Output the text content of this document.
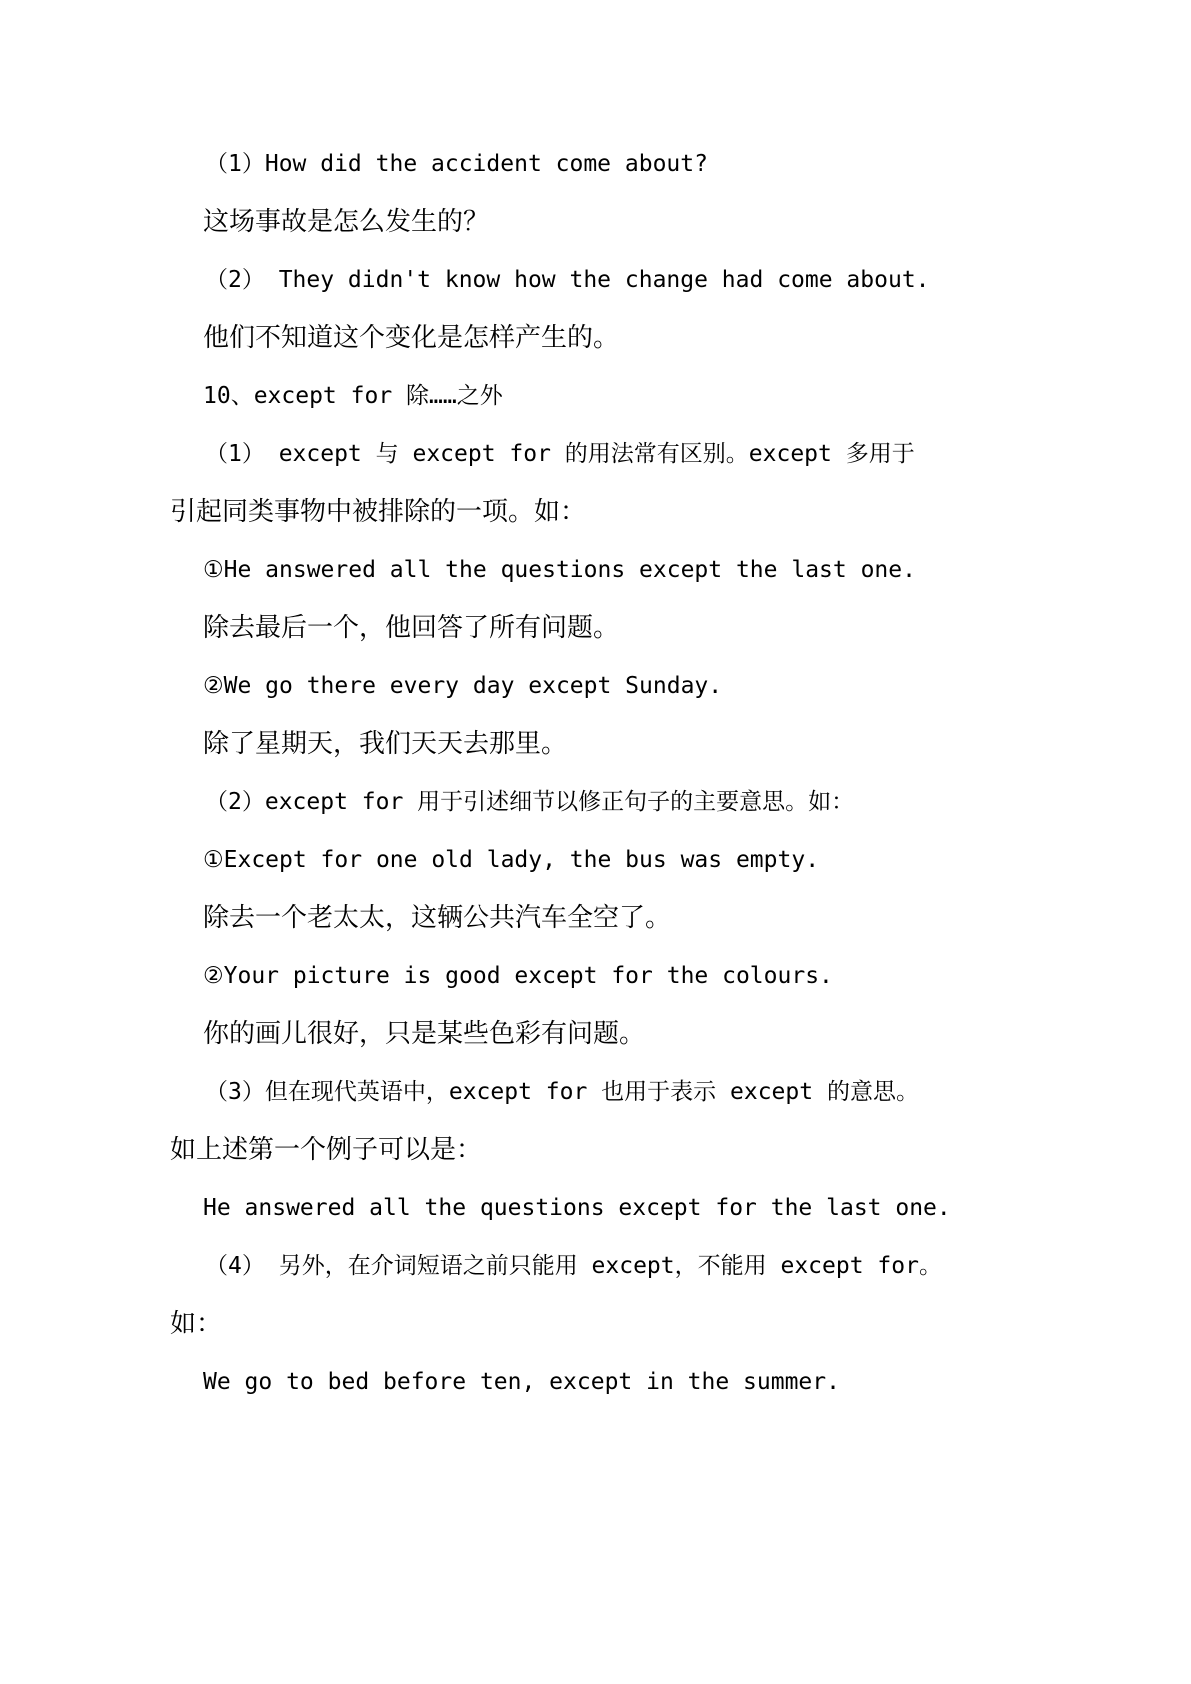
（1）How did the accident come about?
这场事故是怎么发生的？
（2） They didn't know how the change had come about.
他们不知道这个变化是怎样产生的。
10、except for 除……之外
（1） except 与 except for 的用法常有区别。except 多用于
引起同类事物中被排除的一项。如：
①He answered all the questions except the last one.
除去最后一个，他回答了所有问题。
②We go there every day except Sunday.
除了星期天，我们天天去那里。
（2）except for 用于引述细节以修正句子的主要意思。如：
①Except for one old lady, the bus was empty.
除去一个老太太，这辆公共汽车全空了。
②Your picture is good except for the colours.
你的画儿很好，只是某些色彩有问题。
（3）但在现代英语中，except for 也用于表示 except 的意思。
如上述第一个例子可以是：
He answered all the questions except for the last one.
（4） 另外，在介词短语之前只能用 except，不能用 except for。
如：
We go to bed before ten, except in the summer.
